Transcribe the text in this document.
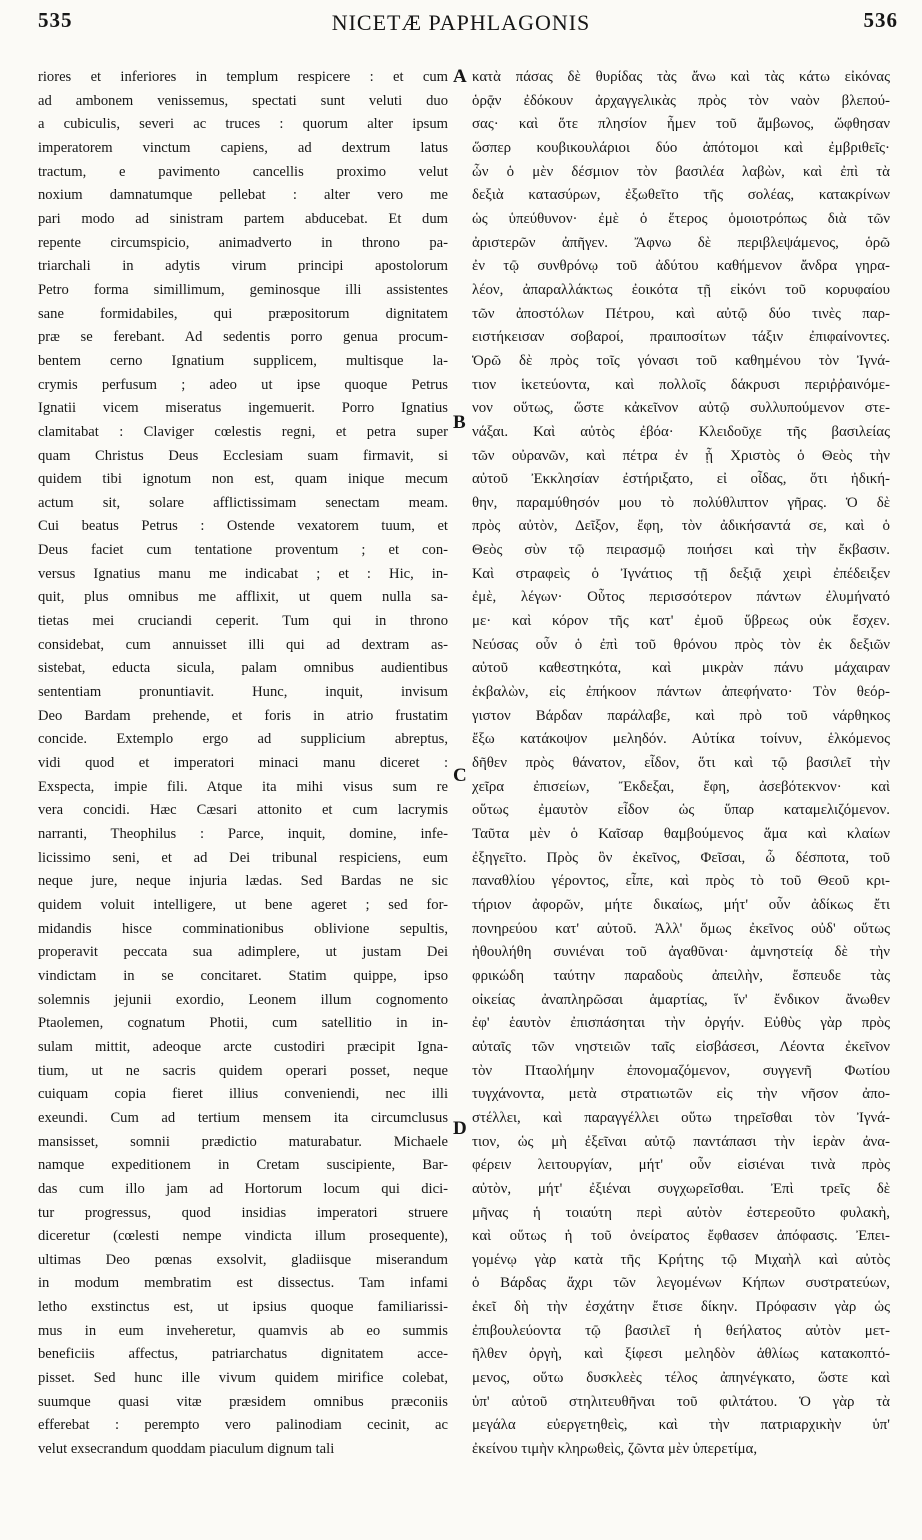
535	NICETÆ PAPHLAGONIS	536
riores et inferiores in templum respicere : et cum
ad ambonem venissemus, spectati sunt veluti duo
a cubiculis, severi ac truces : quorum alter ipsum
imperatorem vinctum capiens, ad dextrum latus
tractum, e pavimento cancellis proximo velut
noxium damnatumque pellebat : alter vero me
pari modo ad sinistram partem abducebat. Et dum
repente circumspicio, animadverto in throno pa-
triarchali in adytis virum principi apostolorum
Petro forma simillimum, geminosque illi assistentes
sane formidabiles, qui præpositorum dignitatem
præ se ferebant. Ad sedentis porro genua procum-
bentem cerno Ignatium supplicem, multisque la-
crymis perfusum ; adeo ut ipse quoque Petrus
Ignatii vicem miseratus ingemuerit. Porro Ignatius
clamitabat : Claviger cœlestis regni, et petra super
quam Christus Deus Ecclesiam suam firmavit, si
quidem tibi ignotum non est, quam inique mecum
actum sit, solare afflictissimam senectam meam.
Cui beatus Petrus : Ostende vexatorem tuum, et
Deus faciet cum tentatione proventum ; et con-
versus Ignatius manu me indicabat ; et : Hic, in-
quit, plus omnibus me afflixit, ut quem nulla sa-
tietas mei cruciandi ceperit. Tum qui in throno
considebat, cum annuisset illi qui ad dextram as-
sistebat, educta sicula, palam omnibus audientibus
sententiam pronuntiavit. Hunc, inquit, invisum
Deo Bardam prehende, et foris in atrio frustatim
concide. Extemplo ergo ad supplicium abreptus,
vidi quod et imperatori minaci manu diceret :
Exspecta, impie fili. Atque ita mihi visus sum re
vera concidi. Hæc Cæsari attonito et cum lacrymis
narranti, Theophilus : Parce, inquit, domine, infe-
licissimo seni, et ad Dei tribunal respiciens, eum
neque jure, neque injuria lædas. Sed Bardas ne sic
quidem voluit intelligere, ut bene ageret ; sed for-
midandis hisce comminationibus oblivione sepultis,
properavit peccata sua adimplere, ut justam Dei
vindictam in se concitaret. Statim quippe, ipso
solemnis jejunii exordio, Leonem illum cognomento
Ptaolemen, cognatum Photii, cum satellitio in in-
sulam mittit, adeoque arcte custodiri præcipit Igna-
tium, ut ne sacris quidem operari posset, neque
cuiquam copia fieret illius conveniendi, nec illi
exeundi. Cum ad tertium mensem ita circumclusus
mansisset, somnii prædictio maturabatur. Michaele
namque expeditionem in Cretam suscipiente, Bar-
das cum illo jam ad Hortorum locum qui dici-
tur progressus, quod insidias imperatori struere
diceretur (cœlesti nempe vindicta illum prosequente),
ultimas Deo pœnas exsolvit, gladiisque miserandum
in modum membratim est dissectus. Tam infami
letho exstinctus est, ut ipsius quoque familiarissi-
mus in eum inveheretur, quamvis ab eo summis
beneficiis affectus, patriarchatus dignitatem acce-
pisset. Sed hunc ille vivum quidem mirifice colebat,
suumque quasi vitæ præsidem omnibus præconiis
efferebat : perempto vero palinodiam cecinit, ac
velut exsecrandum quoddam piaculum dignum tali
A
B
C
D
κατὰ πάσας δὲ θυρίδας τὰς ἄνω καὶ τὰς κάτω εἰκόνας
ὁρᾷν ἐδόκουν ἀρχαγγελικὰς πρὸς τὸν ναὸν βλεπού-
σας· καὶ ὅτε πλησίον ἦμεν τοῦ ἄμβωνος, ὤφθησαν
ὥσπερ κουβικουλάριοι δύο ἀπότομοι καὶ ἐμβριθεῖς·
ὧν ὁ μὲν δέσμιον τὸν βασιλέα λαβὼν, καὶ ἐπὶ τὰ
δεξιὰ κατασύρων, ἐξωθεῖτο τῆς σολέας, κατακρίνων
ὡς ὑπεύθυνον· ἐμὲ ὁ ἕτερος ὁμοιοτρόπως διὰ τῶν
ἀριστερῶν ἀπῆγεν. Ἄφνω δὲ περιβλεψάμενος, ὁρῶ
ἐν τῷ συνθρόνῳ τοῦ ἀδύτου καθήμενον ἄνδρα γηρα-
λέον, ἀπαραλλάκτως ἐοικότα τῇ εἰκόνι τοῦ κορυφαίου
τῶν ἀποστόλων Πέτρου, καὶ αὐτῷ δύο τινὲς παρ-
ειστήκεισαν σοβαροί, πραιποσίτων τάξιν ἐπιφαίνοντες.
Ὁρῶ δὲ πρὸς τοῖς γόνασι τοῦ καθημένου τὸν Ἰγνά-
τιον ἱκετεύοντα, καὶ πολλοῖς δάκρυσι περιῤῥαινόμε-
νον οὕτως, ὥστε κἀκεῖνον αὐτῷ συλλυπούμενον στε-
νάξαι. Καὶ αὐτὸς ἐβόα· Κλειδοῦχε τῆς βασιλείας
τῶν οὐρανῶν, καὶ πέτρα ἐν ᾗ Χριστὸς ὁ Θεὸς τὴν
αὐτοῦ Ἐκκλησίαν ἐστήριξατο, εἰ οἶδας, ὅτι ἠδική-
θην, παραμύθησόν μου τὸ πολύθλιπτον γῆρας. Ὁ δὲ
πρὸς αὐτὸν, Δεῖξον, ἔφη, τὸν ἀδικήσαντά σε, καὶ ὁ
Θεὸς σὺν τῷ πειρασμῷ ποιήσει καὶ τὴν ἔκβασιν.
Καὶ στραφεὶς ὁ Ἰγνάτιος τῇ δεξιᾷ χειρὶ ἐπέδειξεν
ἐμὲ, λέγων· Οὗτος περισσότερον πάντων ἐλυμήνατό
με· καὶ κόρον τῆς κατ' ἐμοῦ ὕβρεως οὐκ ἔσχεν.
Νεύσας οὖν ὁ ἐπὶ τοῦ θρόνου πρὸς τὸν ἐκ δεξιῶν
αὐτοῦ καθεστηκότα, καὶ μικρὰν πάνυ μάχαιραν
ἐκβαλὼν, εἰς ἐπήκοον πάντων ἀπεφήνατο· Τὸν θεόρ-
γιστον Βάρδαν παράλαβε, καὶ πρὸ τοῦ νάρθηκος
ἔξω κατάκοψον μεληδόν. Αὐτίκα τοίνυν, ἑλκόμενος
δῆθεν πρὸς θάνατον, εἶδον, ὅτι καὶ τῷ βασιλεῖ τὴν
χεῖρα ἐπισείων, Ἔκδεξαι, ἔφη, ἀσεβότεκνον· καὶ
οὕτως ἐμαυτὸν εἶδον ὡς ὕπαρ καταμελιζόμενον.
Ταῦτα μὲν ὁ Καῖσαρ θαμβούμενος ἅμα καὶ κλαίων
ἐξηγεῖτο. Πρὸς ὃν ἐκεῖνος, Φεῖσαι, ὦ δέσποτα, τοῦ
παναθλίου γέροντος, εἶπε, καὶ πρὸς τὸ τοῦ Θεοῦ κρι-
τήριον ἀφορῶν, μήτε δικαίως, μήτ' οὖν ἀδίκως ἔτι
πονηρεύου κατ' αὐτοῦ. Ἀλλ' ὅμως ἐκεῖνος οὐδ' οὕτως
ἠθουλήθη συνιέναι τοῦ ἀγαθῦναι· ἀμνηστείᾳ δὲ τὴν
φρικώδη ταύτην παραδοὺς ἀπειλὴν, ἔσπευδε τὰς
οἰκείας ἀναπληρῶσαι ἁμαρτίας, ἵν' ἔνδικον ἄνωθεν
ἐφ' ἑαυτὸν ἐπισπάσηται τὴν ὀργήν. Εὐθὺς γὰρ πρὸς
αὐταῖς τῶν νηστειῶν ταῖς εἰσβάσεσι, Λέοντα ἐκεῖνον
τὸν Πταολήμην ἐπονομαζόμενον, συγγενῆ Φωτίου
τυγχάνοντα, μετὰ στρατιωτῶν εἰς τὴν νῆσον ἀπο-
στέλλει, καὶ παραγγέλλει οὕτω τηρεῖσθαι τὸν Ἰγνά-
τιον, ὡς μὴ ἐξεῖναι αὐτῷ παντάπασι τὴν ἱερὰν ἀνα-
φέρειν λειτουργίαν, μήτ' οὖν εἰσιέναι τινὰ πρὸς
αὐτὸν, μήτ' ἐξιέναι συγχωρεῖσθαι. Ἐπὶ τρεῖς δὲ
μῆνας ἡ τοιαύτη περὶ αὐτὸν ἐστερεοῦτο φυλακὴ,
καὶ οὕτως ἡ τοῦ ὀνείρατος ἔφθασεν ἀπόφασις. Ἐπει-
γομένῳ γὰρ κατὰ τῆς Κρήτης τῷ Μιχαὴλ καὶ αὐτὸς
ὁ Βάρδας ἄχρι τῶν λεγομένων Κήπων συστρατεύων,
ἐκεῖ δὴ τὴν ἐσχάτην ἔτισε δίκην. Πρόφασιν γὰρ ὡς
ἐπιβουλεύοντα τῷ βασιλεῖ ἡ θεήλατος αὐτὸν μετ-
ῆλθεν ὀργὴ, καὶ ξίφεσι μεληδὸν ἀθλίως κατακοπτό-
μενος, οὕτω δυσκλεὲς τέλος ἀπηνέγκατο, ὥστε καὶ
ὑπ' αὐτοῦ στηλιτευθῆναι τοῦ φιλτάτου. Ὁ γὰρ τὰ
μεγάλα εὐεργετηθεὶς, καὶ τὴν πατριαρχικὴν ὑπ'
ἐκείνου τιμὴν κληρωθεὶς, ζῶντα μὲν ὑπερετίμα,
